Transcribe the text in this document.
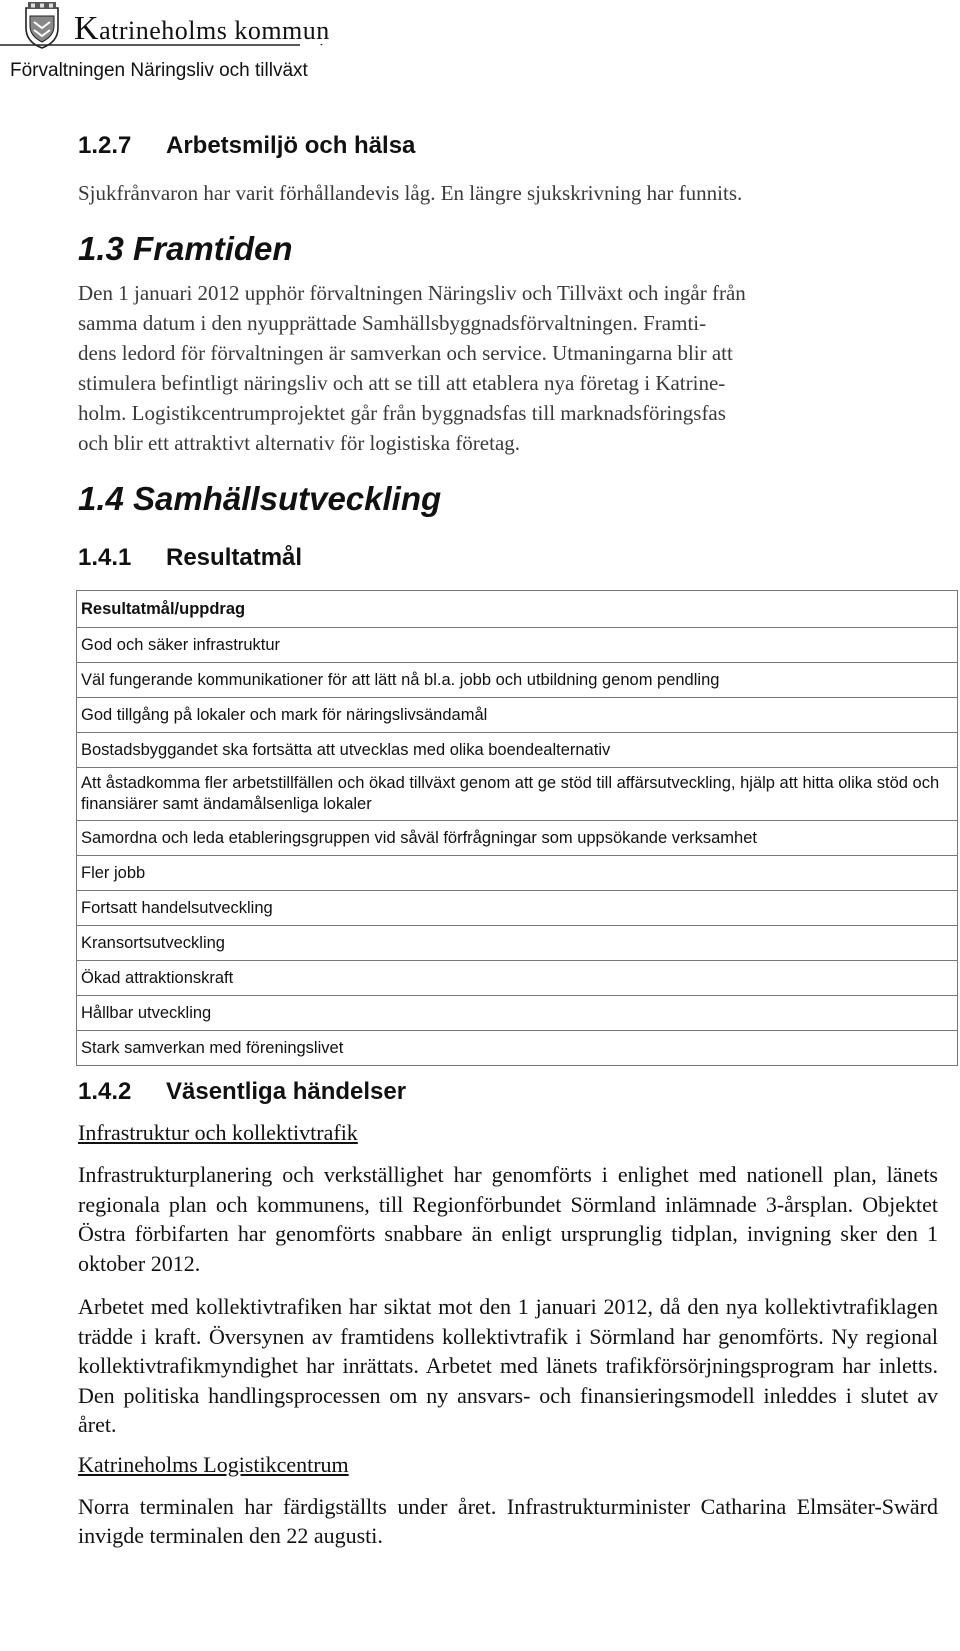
Katrineholms kommun
Förvaltningen Näringsliv och tillväxt
1.2.7	Arbetsmiljö och hälsa

Sjukfrånvaron har varit förhållandevis låg. En längre sjukskrivning har funnits.

1.3 Framtiden
Den 1 januari 2012 upphör förvaltningen Näringsliv och Tillväxt och ingår från
samma datum i den nyupprättade Samhällsbyggnadsförvaltningen. Framti-
dens ledord för förvaltningen är samverkan och service. Utmaningarna blir att
stimulera befintligt näringsliv och att se till att etablera nya företag i Katrine-
holm. Logistikcentrumprojektet går från byggnadsfas till marknadsföringsfas
och blir ett attraktivt alternativ för logistiska företag.
1.4 Samhällsutveckling
1.4.1	Resultatmål
Resultatmål/uppdrag
God och säker infrastruktur
Väl fungerande kommunikationer för att lätt nå bl.a. jobb och utbildning genom pendling
God tillgång på lokaler och mark för näringslivsändamål
Bostadsbyggandet ska fortsätta att utvecklas med olika boendealternativ
Att åstadkomma fler arbetstillfällen och ökad tillväxt genom att ge stöd till affärsutveckling, hjälp att hitta olika stöd och finansiärer samt ändamålsenliga lokaler
Samordna och leda etableringsgruppen vid såväl förfrågningar som uppsökande verksamhet
Fler jobb
Fortsatt handelsutveckling
Kransortsutveckling
Ökad attraktionskraft
Hållbar utveckling
Stark samverkan med föreningslivet
1.4.2	Väsentliga händelser

Infrastruktur och kollektivtrafik

Infrastrukturplanering och verkställighet har genomförts i enlighet med nationell plan, länets regionala plan och kommunens, till Regionförbundet Sörmland inlämnade 3-årsplan. Objektet Östra förbifarten har genomförts snabbare än enligt ursprunglig tidplan, invigning sker den 1 oktober 2012.

Arbetet med kollektivtrafiken har siktat mot den 1 januari 2012, då den nya kollektivtrafiklagen trädde i kraft. Översynen av framtidens kollektivtrafik i Sörmland har genomförts. Ny regional kollektivtrafikmyndighet har inrättats. Arbetet med länets trafikförsörjningsprogram har inletts. Den politiska handlingsprocessen om ny ansvars- och finansieringsmodell inleddes i slutet av året.

Katrineholms Logistikcentrum

Norra terminalen har färdigställts under året. Infrastrukturminister Catharina Elmsäter-Swärd invigde terminalen den 22 augusti.
